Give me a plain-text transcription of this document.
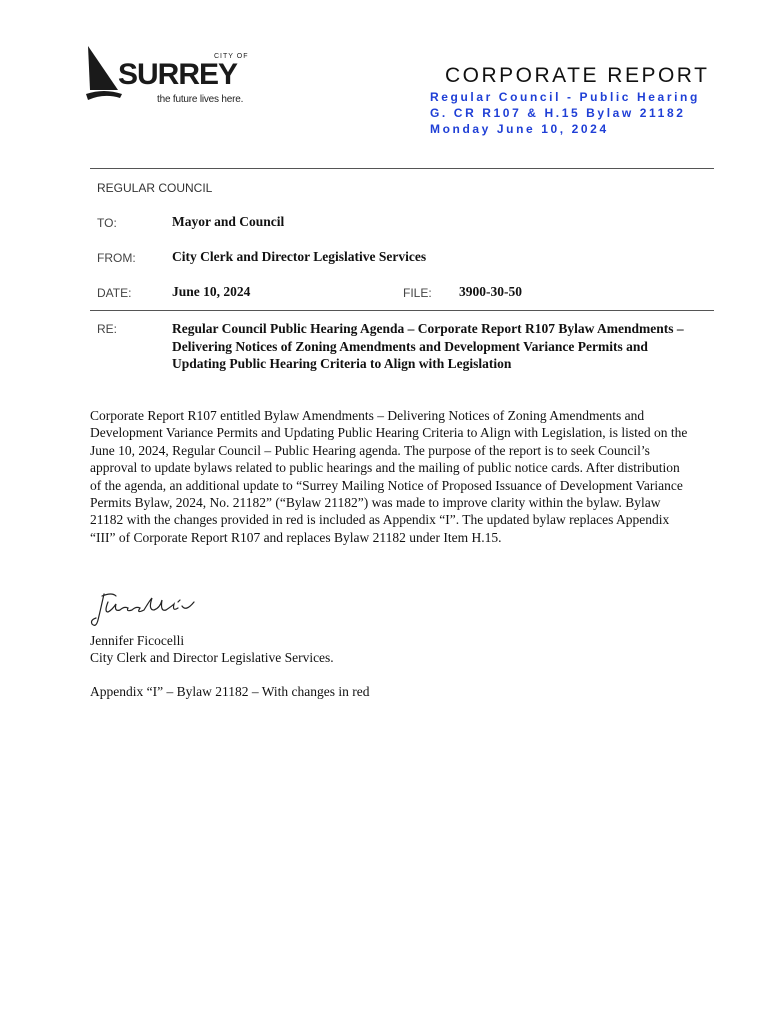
CITY OF
SURREY
the future lives here.
CORPORATE REPORT
Regular Council - Public Hearing
G. CR R107 & H.15 Bylaw 21182
Monday June 10, 2024
REGULAR COUNCIL
TO:	Mayor and Council
FROM:	City Clerk and Director Legislative Services
DATE:	June 10, 2024	FILE: 3900-30-50
RE:	Regular Council Public Hearing Agenda – Corporate Report R107 Bylaw Amendments – Delivering Notices of Zoning Amendments and Development Variance Permits and Updating Public Hearing Criteria to Align with Legislation
Corporate Report R107 entitled Bylaw Amendments – Delivering Notices of Zoning Amendments and Development Variance Permits and Updating Public Hearing Criteria to Align with Legislation, is listed on the June 10, 2024, Regular Council – Public Hearing agenda. The purpose of the report is to seek Council’s approval to update bylaws related to public hearings and the mailing of public notice cards. After distribution of the agenda, an additional update to “Surrey Mailing Notice of Proposed Issuance of Development Variance Permits Bylaw, 2024, No. 21182” (“Bylaw 21182”) was made to improve clarity within the bylaw. Bylaw 21182 with the changes provided in red is included as Appendix “I”. The updated bylaw replaces Appendix “III” of Corporate Report R107 and replaces Bylaw 21182 under Item H.15.
Jennifer Ficocelli
City Clerk and Director Legislative Services.
Appendix “I” – Bylaw 21182 – With changes in red
